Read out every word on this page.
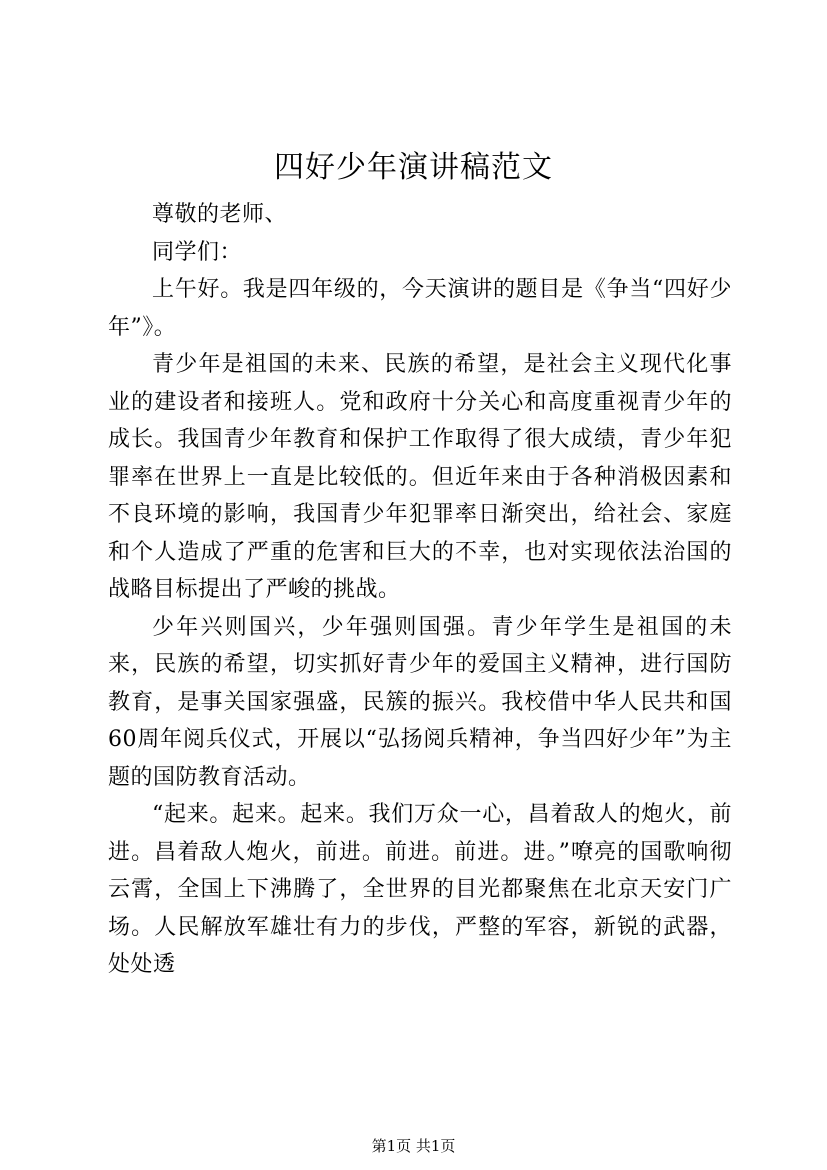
四好少年演讲稿范文

尊敬的老师、

同学们：

上午好。我是四年级的，今天演讲的题目是《争当“四好少年”》。

青少年是祖国的未来、民族的希望，是社会主义现代化事业的建设者和接班人。党和政府十分关心和高度重视青少年的成长。我国青少年教育和保护工作取得了很大成绩，青少年犯罪率在世界上一直是比较低的。但近年来由于各种消极因素和不良环境的影响，我国青少年犯罪率日渐突出，给社会、家庭和个人造成了严重的危害和巨大的不幸，也对实现依法治国的战略目标提出了严峻的挑战。

少年兴则国兴，少年强则国强。青少年学生是祖国的未来，民族的希望，切实抓好青少年的爱国主义精神，进行国防教育，是事关国家强盛，民簇的振兴。我校借中华人民共和国60周年阅兵仪式，开展以“弘扬阅兵精神，争当四好少年”为主题的国防教育活动。

“起来。起来。起来。我们万众一心，昌着敌人的炮火，前进。昌着敌人炮火，前进。前进。前进。进。”嘹亮的国歌响彻云霄，全国上下沸腾了，全世界的目光都聚焦在北京天安门广场。人民解放军雄壮有力的步伐，严整的军容，新锐的武器，处处透

第1页 共1页
